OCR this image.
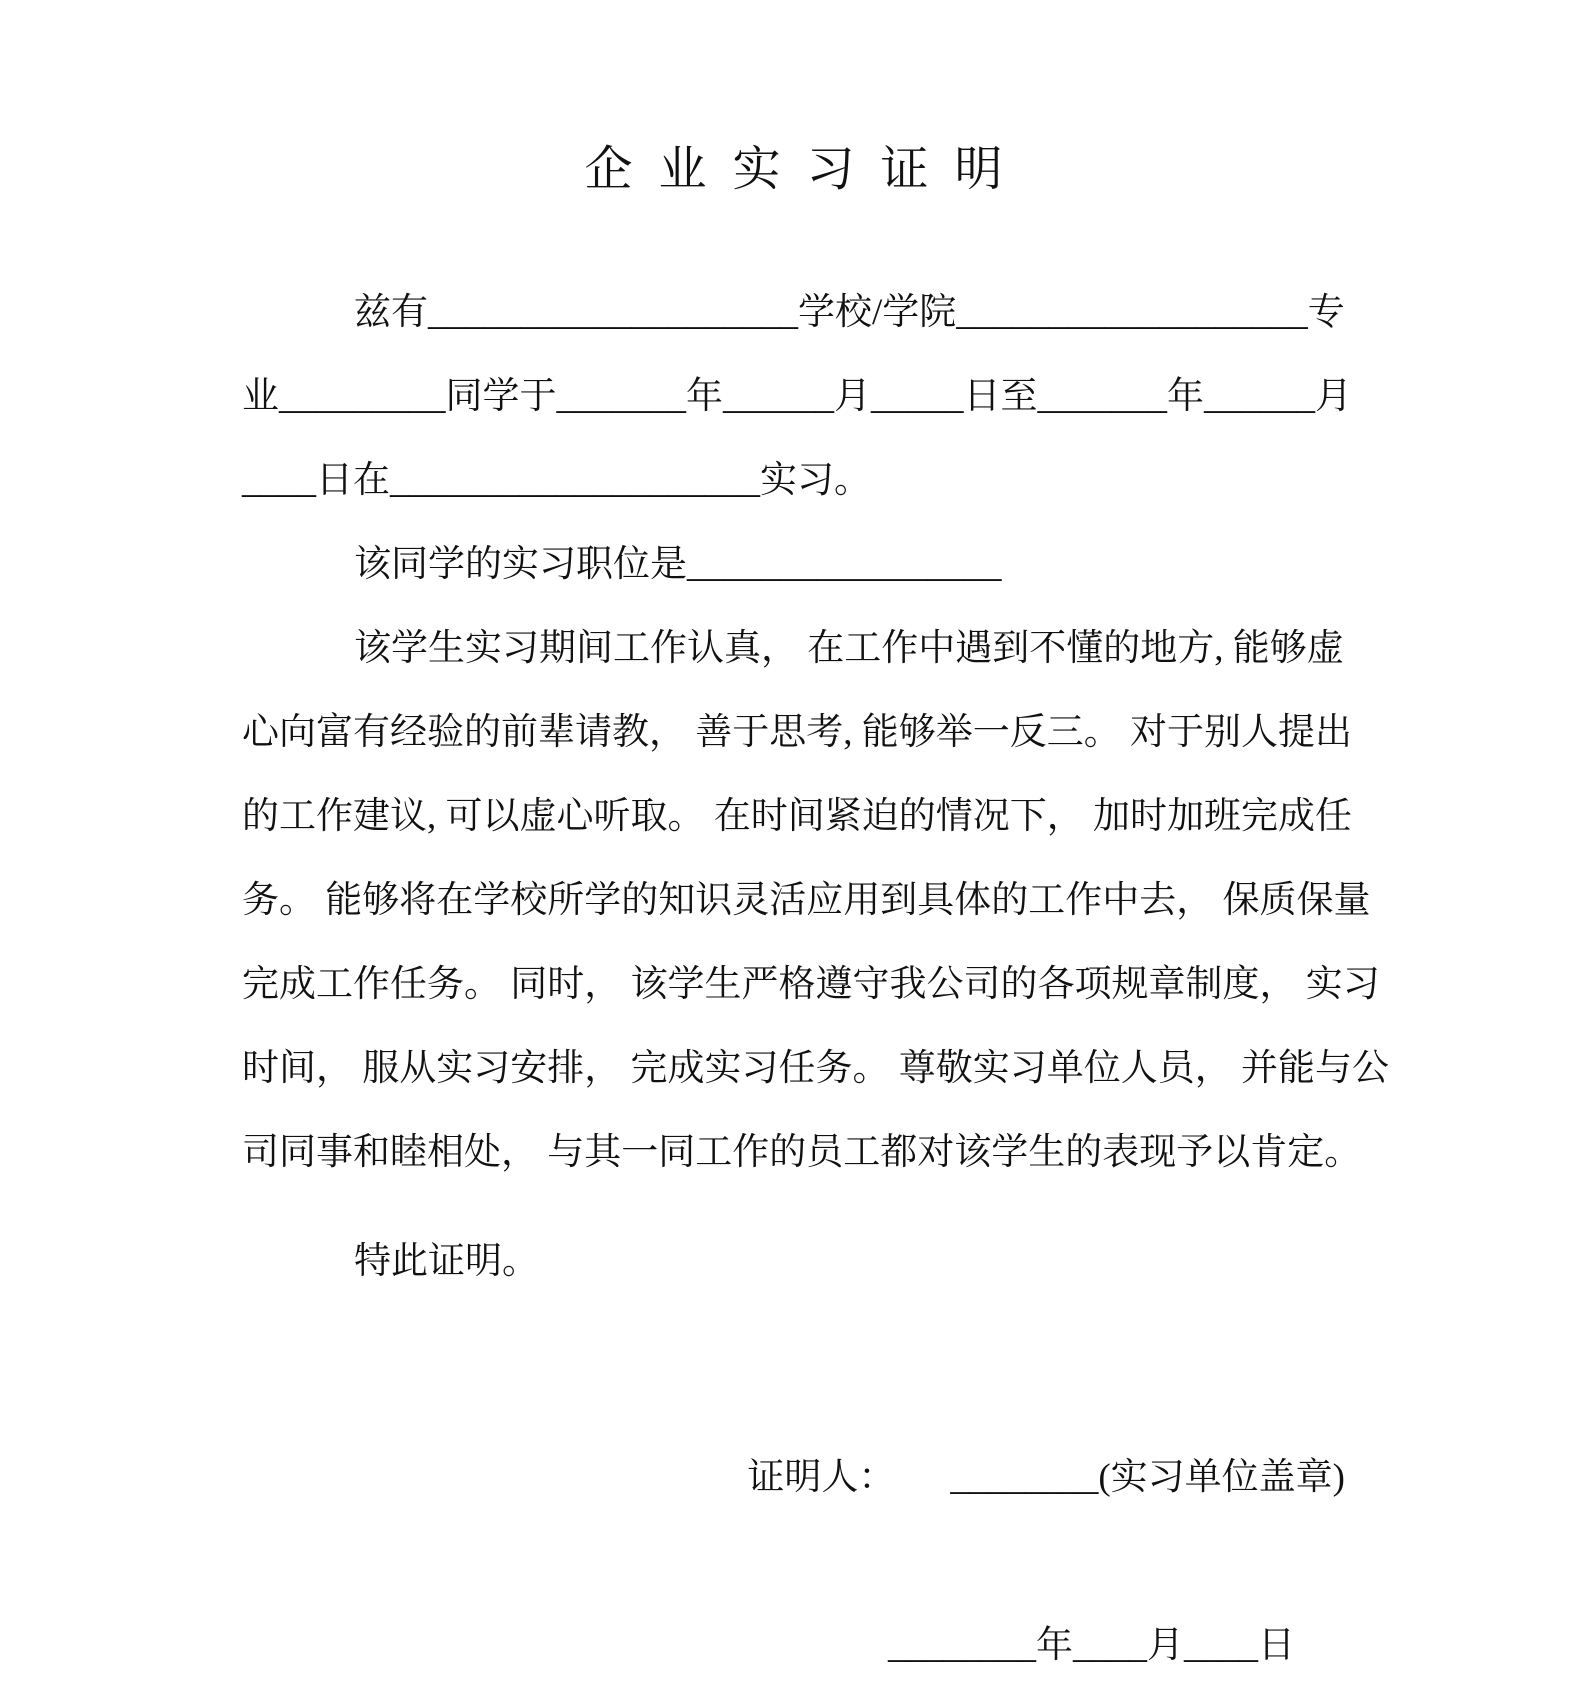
企 业 实 习 证 明
兹有____________________学校/学院___________________专
业_________同学于_______年______月_____日至_______年______月
____日在____________________实习。
该同学的实习职位是_________________
该学生实习期间工作认真， 在工作中遇到不懂的地方, 能够虚
心向富有经验的前辈请教， 善于思考, 能够举一反三。 对于别人提出
的工作建议, 可以虚心听取。 在时间紧迫的情况下， 加时加班完成任
务。 能够将在学校所学的知识灵活应用到具体的工作中去， 保质保量
完成工作任务。 同时， 该学生严格遵守我公司的各项规章制度， 实习
时间， 服从实习安排， 完成实习任务。 尊敬实习单位人员， 并能与公
司同事和睦相处， 与其一同工作的员工都对该学生的表现予以肯定。
特此证明。
证明人： ________ (实习单位盖章)
________年____月____日
